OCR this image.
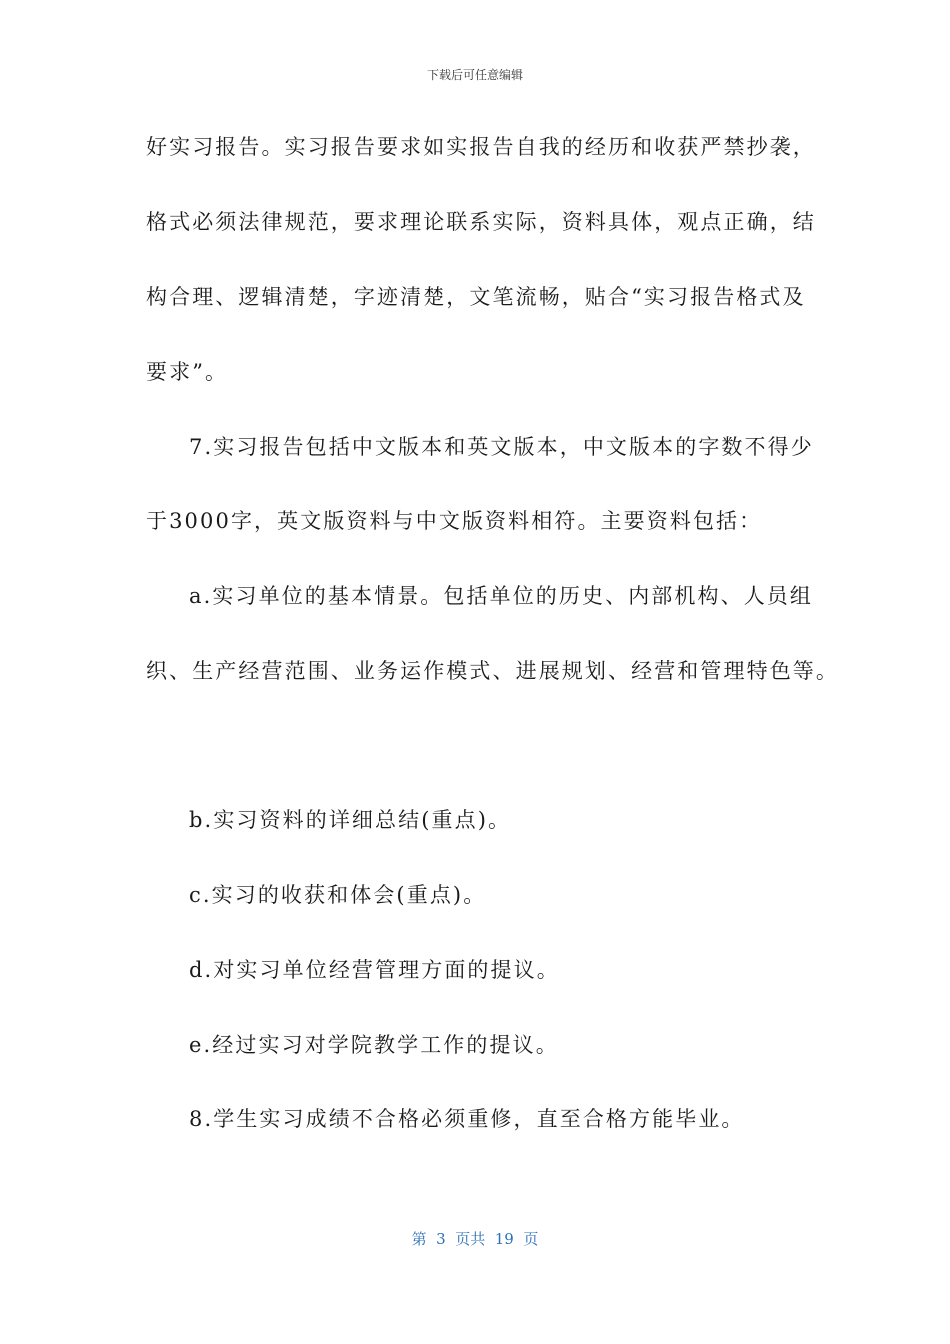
下载后可任意编辑
好实习报告。实习报告要求如实报告自我的经历和收获严禁抄袭，
格式必须法律规范，要求理论联系实际，资料具体，观点正确，结
构合理、逻辑清楚，字迹清楚，文笔流畅，贴合“实习报告格式及
要求”。
7.实习报告包括中文版本和英文版本，中文版本的字数不得少
于3000字，英文版资料与中文版资料相符。主要资料包括：
a.实习单位的基本情景。包括单位的历史、内部机构、人员组
织、生产经营范围、业务运作模式、进展规划、经营和管理特色等。
b.实习资料的详细总结(重点)。
c.实习的收获和体会(重点)。
d.对实习单位经营管理方面的提议。
e.经过实习对学院教学工作的提议。
8.学生实习成绩不合格必须重修，直至合格方能毕业。
第  3  页共  19  页
